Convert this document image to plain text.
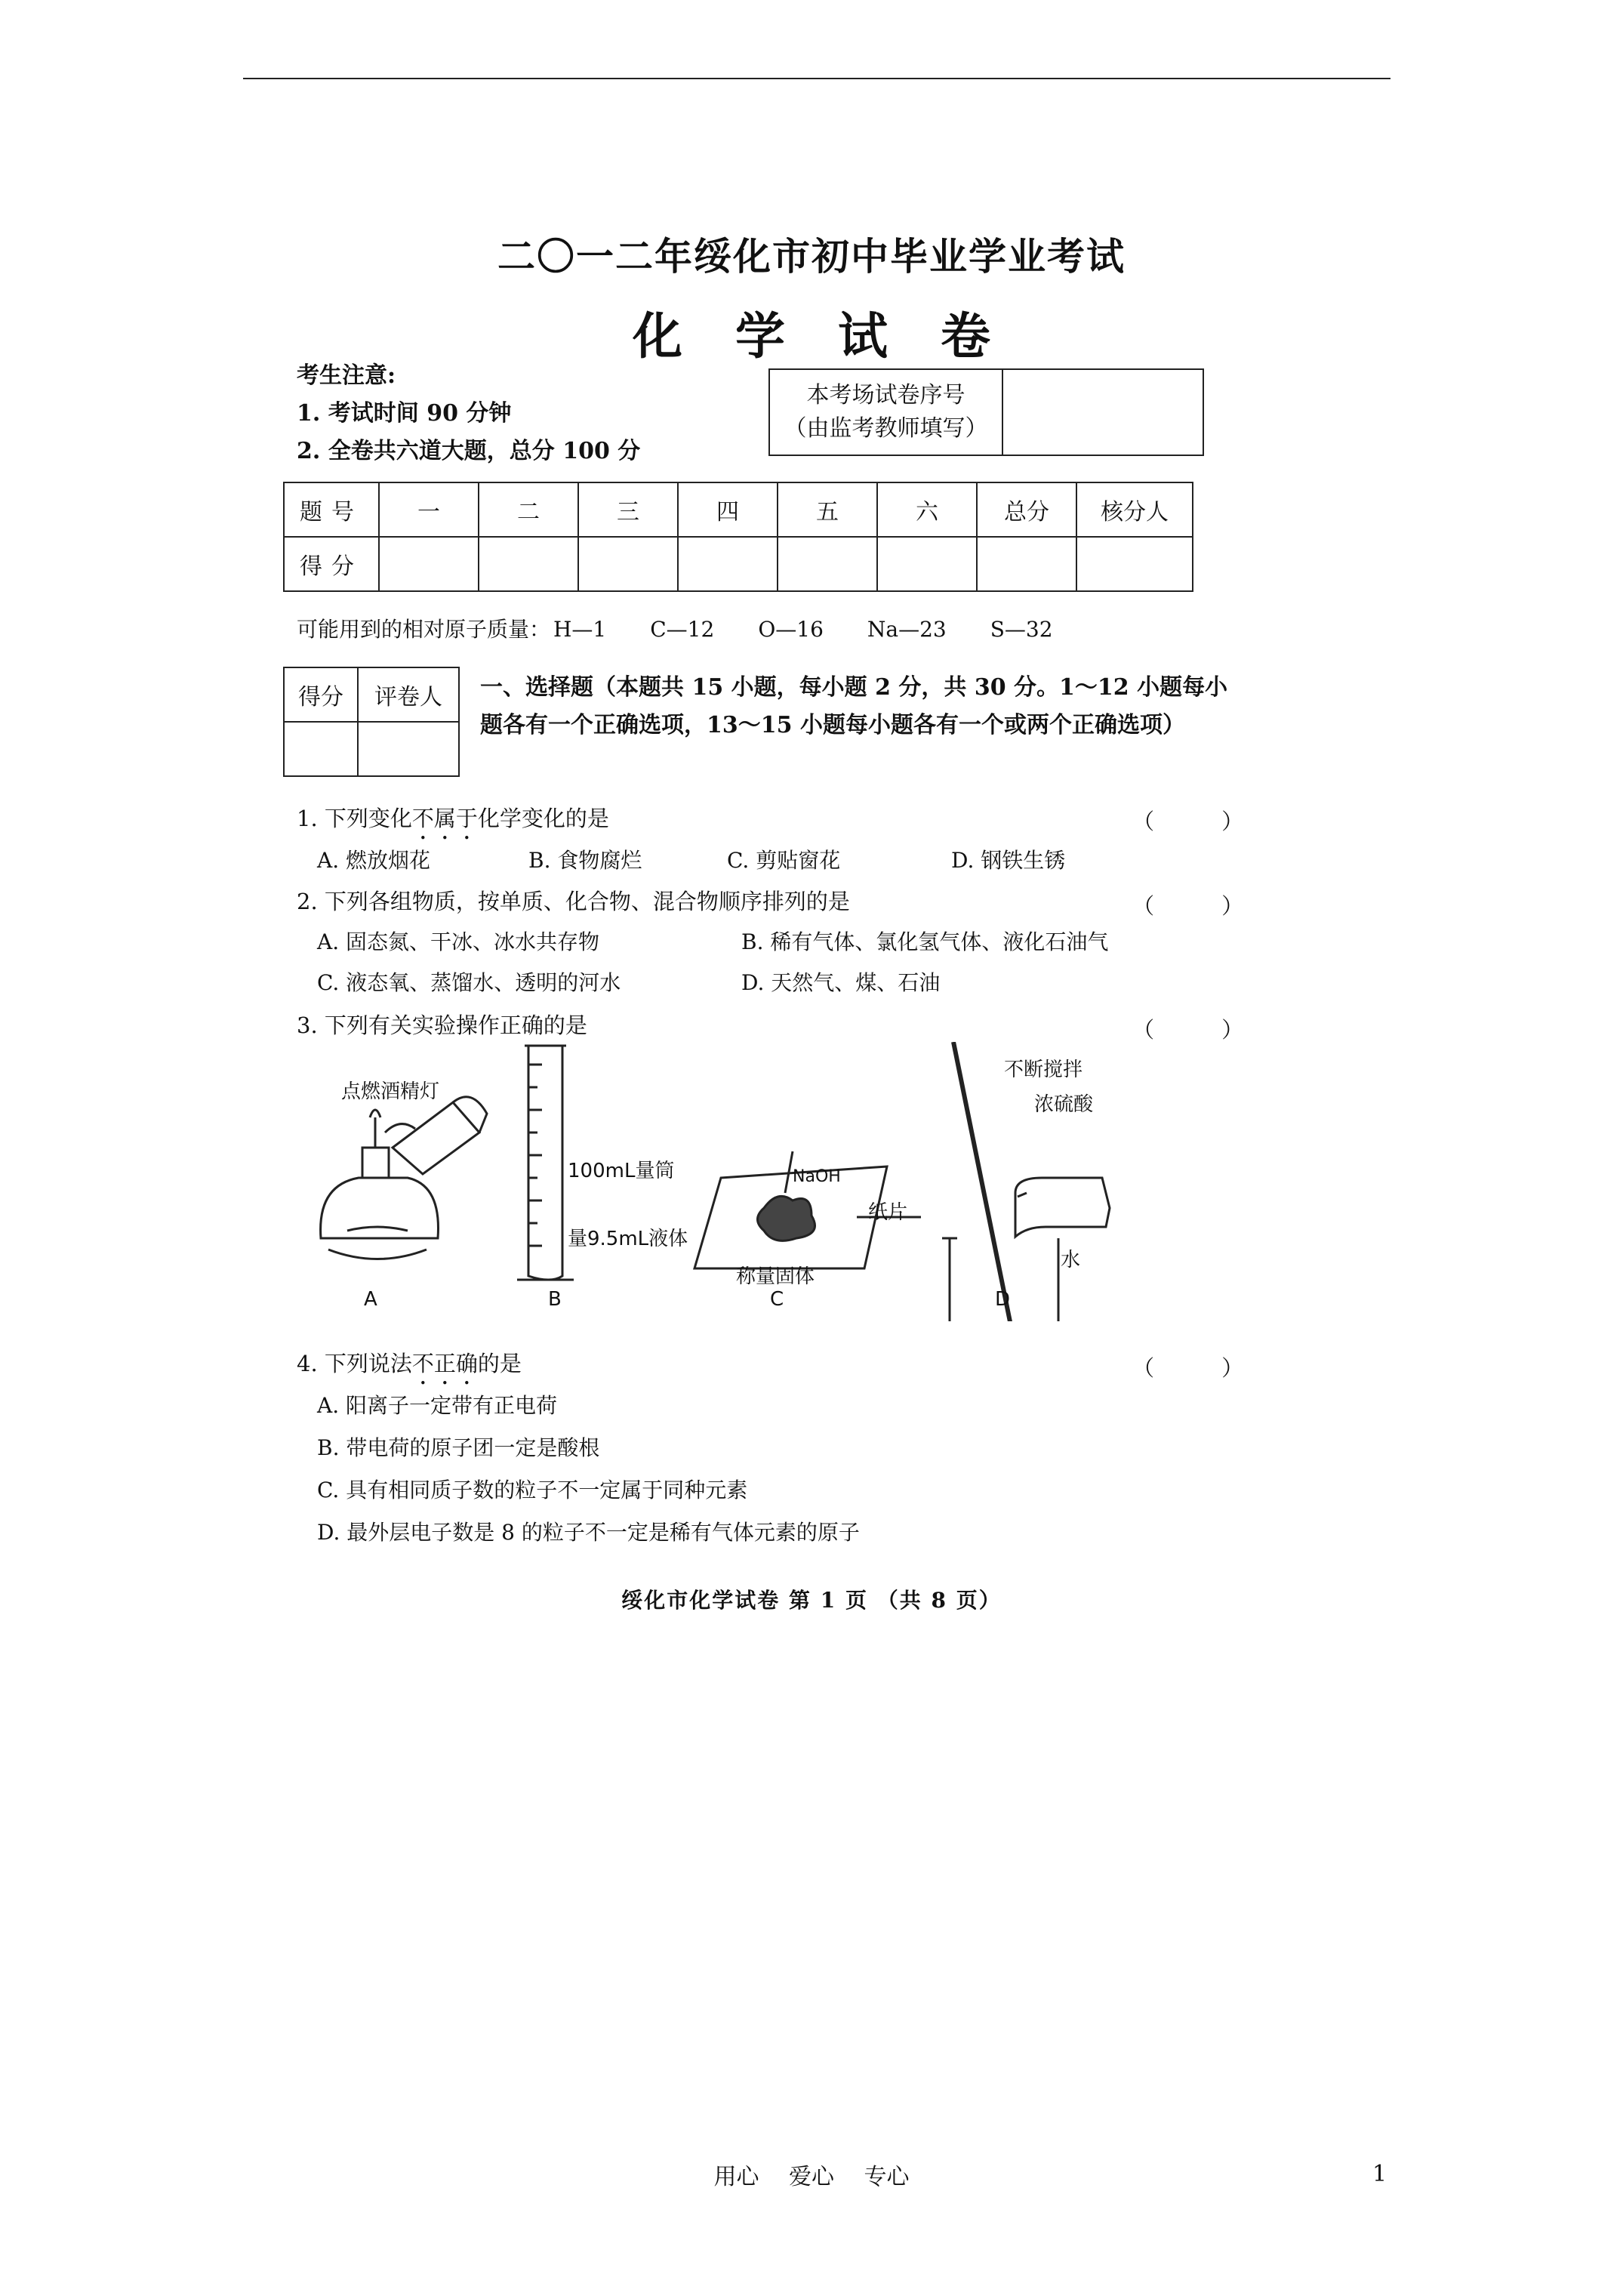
二〇一二年绥化市初中毕业学业考试
化学试卷
考生注意:
1. 考试时间 90 分钟
2. 全卷共六道大题，总分 100 分
本考场试卷序号
（由监考教师填写）

题号	一	二	三	四	五	六	总分	核分人
得分								
可能用到的相对原子质量： H—1 C—12 O—16 Na—23 S—32
得分	评卷人
	一、选择题（本题共 15 小题，每小题 2 分，共 30 分。1～12 小题每小题各有一个正确选项，13～15 小题每小题各有一个或两个正确选项）
1. 下列变化不属于化学变化的是	（ ）
A. 燃放烟花	B. 食物腐烂	C. 剪贴窗花	D. 钢铁生锈
2. 下列各组物质，按单质、化合物、混合物顺序排列的是	（ ）
A. 固态氮、干冰、冰水共存物	B. 稀有气体、氯化氢气体、液化石油气
C. 液态氧、蒸馏水、透明的河水	D. 天然气、煤、石油
3. 下列有关实验操作正确的是	（ ）
点燃酒精灯
100mL量筒
量9.5mL液体
NaOH
纸片
称量固体
不断搅拌
浓硫酸
水
A	B	C	D
4. 下列说法不正确的是	（ ）
A. 阳离子一定带有正电荷
B. 带电荷的原子团一定是酸根
C. 具有相同质子数的粒子不一定属于同种元素
D. 最外层电子数是 8 的粒子不一定是稀有气体元素的原子
绥化市化学试卷 第 1 页 （共 8 页）
用心 爱心 专心	1
